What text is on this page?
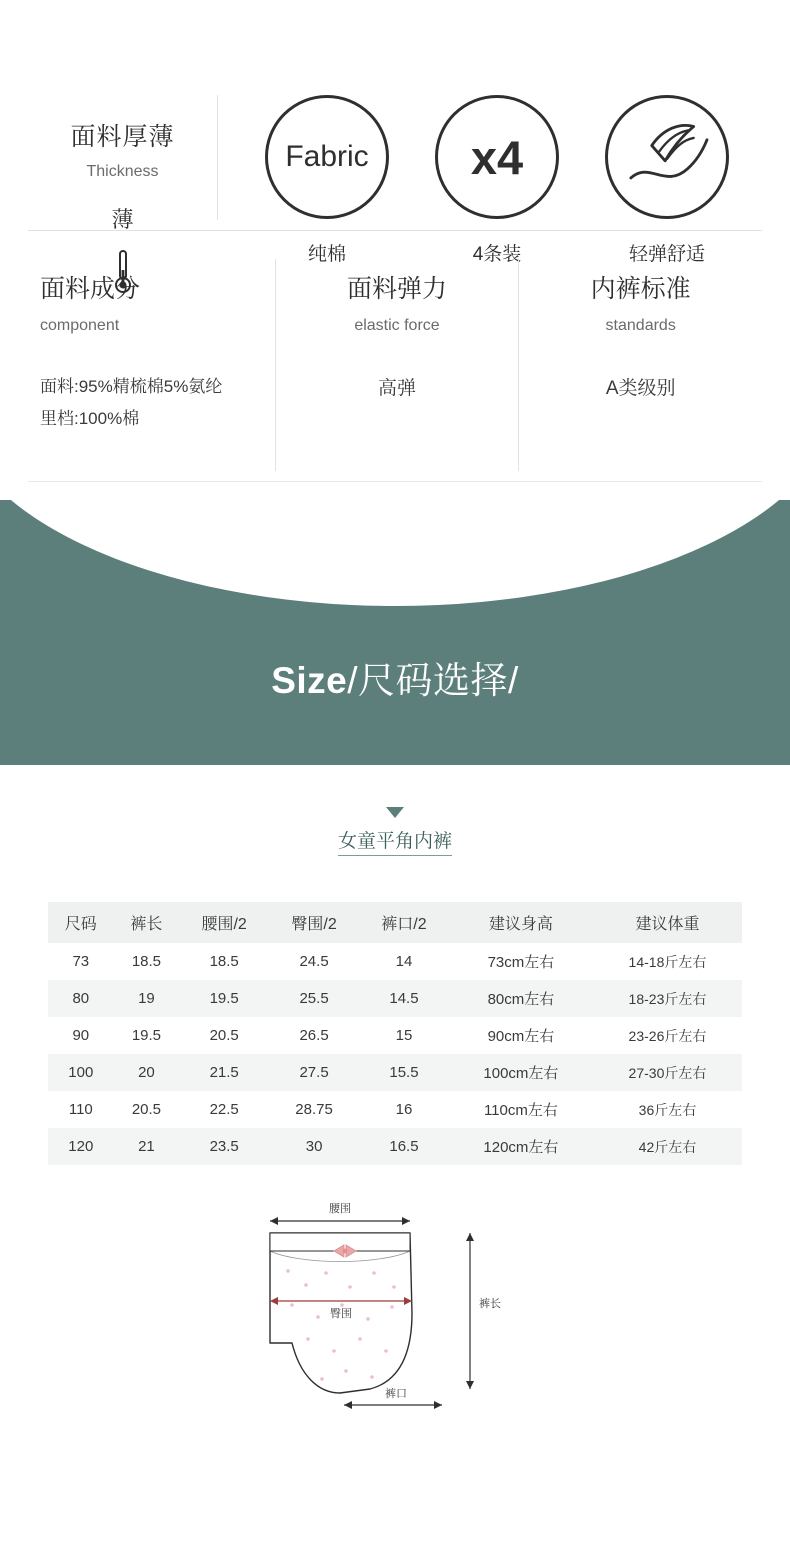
面料厚薄
Thickness
薄
Fabric
纯棉
x4
4条装	轻弹舒适
面料成分
component
面料:95%精梳棉5%氨纶
里档:100%棉
面料弹力
elastic force
高弹
内裤标准
standards
A类级别
Size/尺码选择/
女童平角内裤
尺码	裤长	腰围/2	臀围/2	裤口/2	建议身高	建议体重
73	18.5	18.5	24.5	14	73cm左右	14-18斤左右
80	19	19.5	25.5	14.5	80cm左右	18-23斤左右
90	19.5	20.5	26.5	15	90cm左右	23-26斤左右
100	20	21.5	27.5	15.5	100cm左右	27-30斤左右
110	20.5	22.5	28.75	16	110cm左右	36斤左右
120	21	23.5	30	16.5	120cm左右	42斤左右
腰围
臀围
裤长
裤口
